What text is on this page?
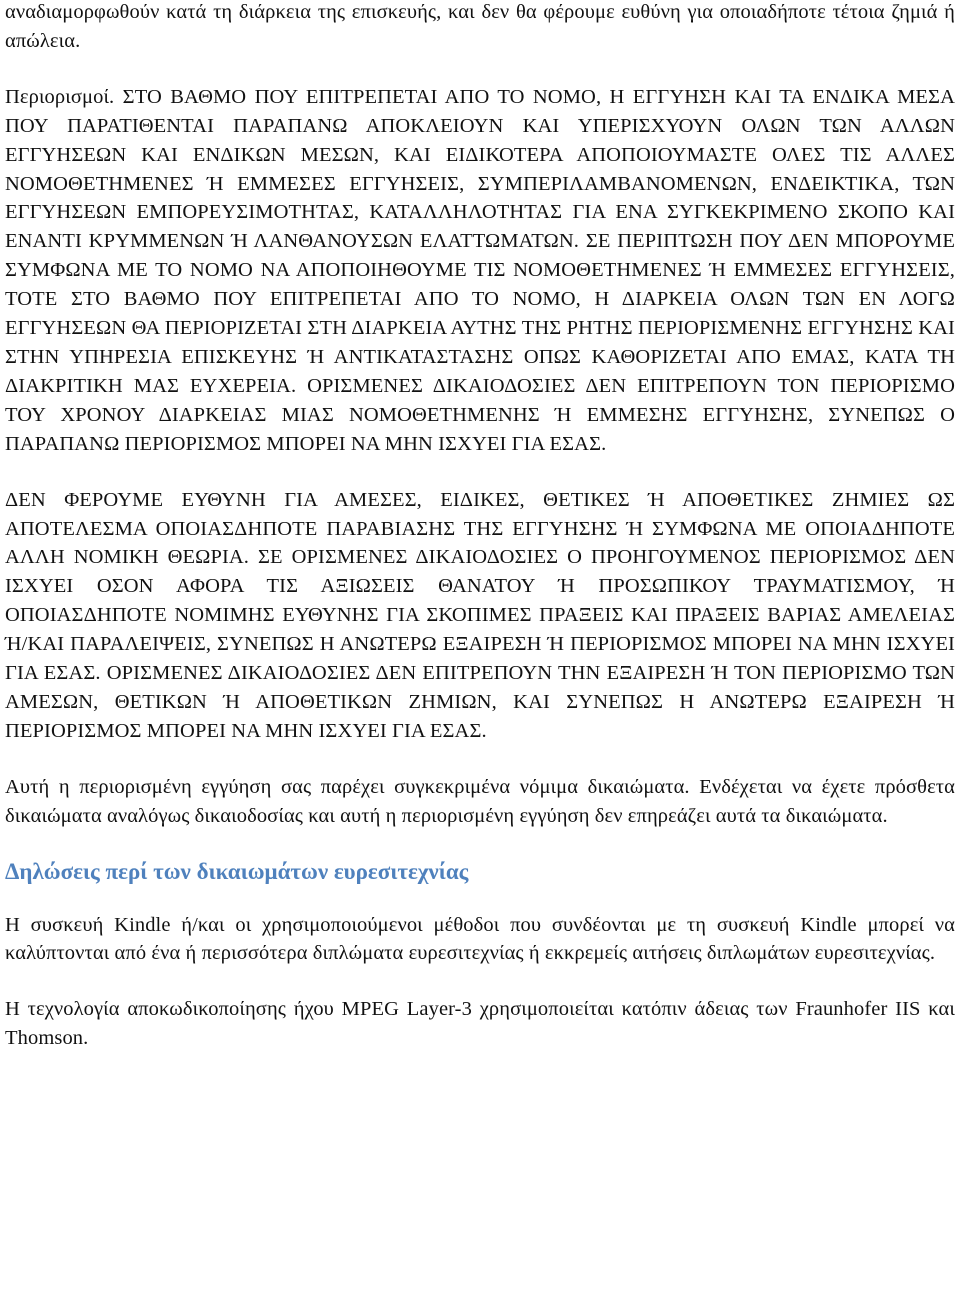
αναδιαμορφωθούν κατά τη διάρκεια της επισκευής, και δεν θα φέρουμε ευθύνη για οποιαδήποτε τέτοια ζημιά ή απώλεια.

Περιορισμοί. ΣΤΟ ΒΑΘΜΟ ΠΟΥ ΕΠΙΤΡΕΠΕΤΑΙ ΑΠΟ ΤΟ ΝΟΜΟ, Η ΕΓΓΥΗΣΗ ΚΑΙ ΤΑ ΕΝΔΙΚΑ ΜΕΣΑ ΠΟΥ ΠΑΡΑΤΙΘΕΝΤΑΙ ΠΑΡΑΠΑΝΩ ΑΠΟΚΛΕΙΟΥΝ ΚΑΙ ΥΠΕΡΙΣΧΥΟΥΝ ΟΛΩΝ ΤΩΝ ΑΛΛΩΝ ΕΓΓΥΗΣΕΩΝ ΚΑΙ ΕΝΔΙΚΩΝ ΜΕΣΩΝ, ΚΑΙ ΕΙΔΙΚΟΤΕΡΑ ΑΠΟΠΟΙΟΥΜΑΣΤΕ ΟΛΕΣ ΤΙΣ ΑΛΛΕΣ ΝΟΜΟΘΕΤΗΜΕΝΕΣ Ή ΕΜΜΕΣΕΣ ΕΓΓΥΗΣΕΙΣ, ΣΥΜΠΕΡΙΛΑΜΒΑΝΟΜΕΝΩΝ, ΕΝΔΕΙΚΤΙΚΑ, ΤΩΝ ΕΓΓΥΗΣΕΩΝ ΕΜΠΟΡΕΥΣΙΜΟΤΗΤΑΣ, ΚΑΤΑΛΛΗΛΟΤΗΤΑΣ ΓΙΑ ΕΝΑ ΣΥΓΚΕΚΡΙΜΕΝΟ ΣΚΟΠΟ ΚΑΙ ΕΝΑΝΤΙ ΚΡΥΜΜΕΝΩΝ Ή ΛΑΝΘΑΝΟΥΣΩΝ ΕΛΑΤΤΩΜΑΤΩΝ. ΣΕ ΠΕΡΙΠΤΩΣΗ ΠΟΥ ΔΕΝ ΜΠΟΡΟΥΜΕ ΣΥΜΦΩΝΑ ΜΕ ΤΟ ΝΟΜΟ ΝΑ ΑΠΟΠΟΙΗΘΟΥΜΕ ΤΙΣ ΝΟΜΟΘΕΤΗΜΕΝΕΣ Ή ΕΜΜΕΣΕΣ ΕΓΓΥΗΣΕΙΣ, ΤΟΤΕ ΣΤΟ ΒΑΘΜΟ ΠΟΥ ΕΠΙΤΡΕΠΕΤΑΙ ΑΠΟ ΤΟ ΝΟΜΟ, Η ΔΙΑΡΚΕΙΑ ΟΛΩΝ ΤΩΝ ΕΝ ΛΟΓΩ ΕΓΓΥΗΣΕΩΝ ΘΑ ΠΕΡΙΟΡΙΖΕΤΑΙ ΣΤΗ ΔΙΑΡΚΕΙΑ ΑΥΤΗΣ ΤΗΣ ΡΗΤΗΣ ΠΕΡΙΟΡΙΣΜΕΝΗΣ ΕΓΓΥΗΣΗΣ ΚΑΙ ΣΤΗΝ ΥΠΗΡΕΣΙΑ ΕΠΙΣΚΕΥΗΣ Ή ΑΝΤΙΚΑΤΑΣΤΑΣΗΣ ΟΠΩΣ ΚΑΘΟΡΙΖΕΤΑΙ ΑΠΟ ΕΜΑΣ, ΚΑΤΑ ΤΗ ΔΙΑΚΡΙΤΙΚΗ ΜΑΣ ΕΥΧΕΡΕΙΑ. ΟΡΙΣΜΕΝΕΣ ΔΙΚΑΙΟΔΟΣΙΕΣ ΔΕΝ ΕΠΙΤΡΕΠΟΥΝ ΤΟΝ ΠΕΡΙΟΡΙΣΜΟ ΤΟΥ ΧΡΟΝΟΥ ΔΙΑΡΚΕΙΑΣ ΜΙΑΣ ΝΟΜΟΘΕΤΗΜΕΝΗΣ Ή ΕΜΜΕΣΗΣ ΕΓΓΥΗΣΗΣ, ΣΥΝΕΠΩΣ Ο ΠΑΡΑΠΑΝΩ ΠΕΡΙΟΡΙΣΜΟΣ ΜΠΟΡΕΙ ΝΑ ΜΗΝ ΙΣΧΥΕΙ ΓΙΑ ΕΣΑΣ.

ΔΕΝ ΦΕΡΟΥΜΕ ΕΥΘΥΝΗ ΓΙΑ ΑΜΕΣΕΣ, ΕΙΔΙΚΕΣ, ΘΕΤΙΚΕΣ Ή ΑΠΟΘΕΤΙΚΕΣ ΖΗΜΙΕΣ ΩΣ ΑΠΟΤΕΛΕΣΜΑ ΟΠΟΙΑΣΔΗΠΟΤΕ ΠΑΡΑΒΙΑΣΗΣ ΤΗΣ ΕΓΓΥΗΣΗΣ Ή ΣΥΜΦΩΝΑ ΜΕ ΟΠΟΙΑΔΗΠΟΤΕ ΑΛΛΗ ΝΟΜΙΚΗ ΘΕΩΡΙΑ. ΣΕ ΟΡΙΣΜΕΝΕΣ ΔΙΚΑΙΟΔΟΣΙΕΣ Ο ΠΡΟΗΓΟΥΜΕΝΟΣ ΠΕΡΙΟΡΙΣΜΟΣ ΔΕΝ ΙΣΧΥΕΙ ΟΣΟΝ ΑΦΟΡΑ ΤΙΣ ΑΞΙΩΣΕΙΣ ΘΑΝΑΤΟΥ Ή ΠΡΟΣΩΠΙΚΟΥ ΤΡΑΥΜΑΤΙΣΜΟΥ, Ή ΟΠΟΙΑΣΔΗΠΟΤΕ ΝΟΜΙΜΗΣ ΕΥΘΥΝΗΣ ΓΙΑ ΣΚΟΠΙΜΕΣ ΠΡΑΞΕΙΣ ΚΑΙ ΠΡΑΞΕΙΣ ΒΑΡΙΑΣ ΑΜΕΛΕΙΑΣ Ή/ΚΑΙ ΠΑΡΑΛΕΙΨΕΙΣ, ΣΥΝΕΠΩΣ Η ΑΝΩΤΕΡΩ ΕΞΑΙΡΕΣΗ Ή ΠΕΡΙΟΡΙΣΜΟΣ ΜΠΟΡΕΙ ΝΑ ΜΗΝ ΙΣΧΥΕΙ ΓΙΑ ΕΣΑΣ. ΟΡΙΣΜΕΝΕΣ ΔΙΚΑΙΟΔΟΣΙΕΣ ΔΕΝ ΕΠΙΤΡΕΠΟΥΝ ΤΗΝ ΕΞΑΙΡΕΣΗ Ή ΤΟΝ ΠΕΡΙΟΡΙΣΜΟ ΤΩΝ ΑΜΕΣΩΝ, ΘΕΤΙΚΩΝ Ή ΑΠΟΘΕΤΙΚΩΝ ΖΗΜΙΩΝ, ΚΑΙ ΣΥΝΕΠΩΣ Η ΑΝΩΤΕΡΩ ΕΞΑΙΡΕΣΗ Ή ΠΕΡΙΟΡΙΣΜΟΣ ΜΠΟΡΕΙ ΝΑ ΜΗΝ ΙΣΧΥΕΙ ΓΙΑ ΕΣΑΣ.

Αυτή η περιορισμένη εγγύηση σας παρέχει συγκεκριμένα νόμιμα δικαιώματα. Ενδέχεται να έχετε πρόσθετα δικαιώματα αναλόγως δικαιοδοσίας και αυτή η περιορισμένη εγγύηση δεν επηρεάζει αυτά τα δικαιώματα.

Δηλώσεις περί των δικαιωμάτων ευρεσιτεχνίας

Η συσκευή Kindle ή/και οι χρησιμοποιούμενοι μέθοδοι που συνδέονται με τη συσκευή Kindle μπορεί να καλύπτονται από ένα ή περισσότερα διπλώματα ευρεσιτεχνίας ή εκκρεμείς αιτήσεις διπλωμάτων ευρεσιτεχνίας.

Η τεχνολογία αποκωδικοποίησης ήχου MPEG Layer-3 χρησιμοποιείται κατόπιν άδειας των Fraunhofer IIS και Thomson.
